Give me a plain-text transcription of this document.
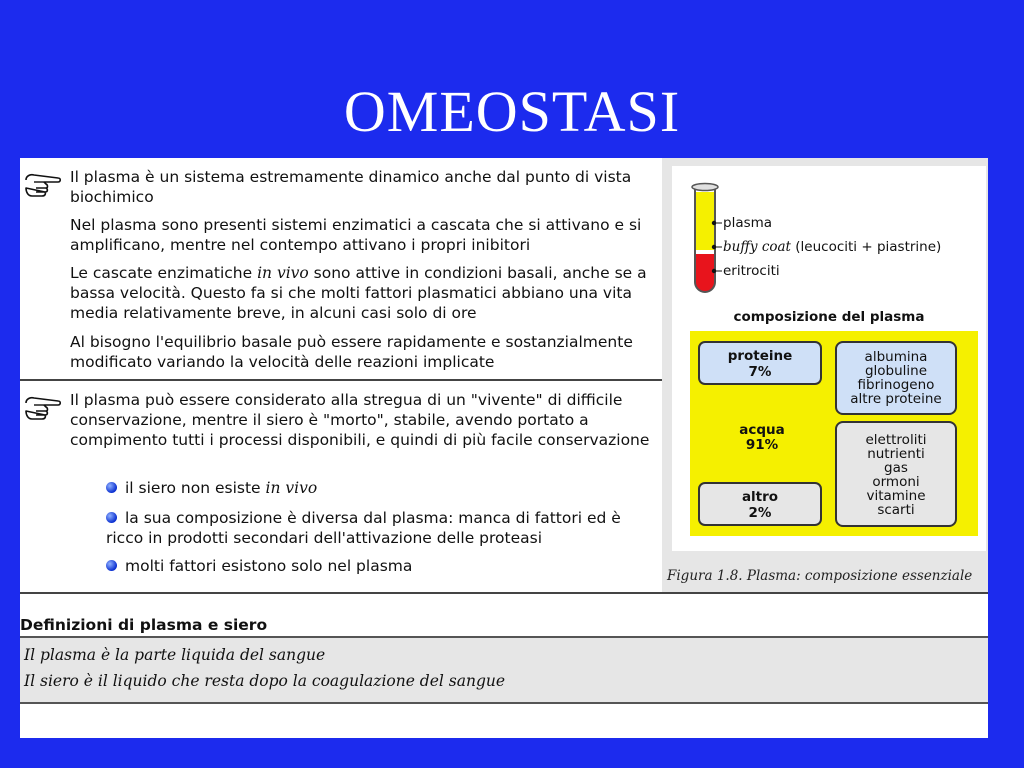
OMEOSTASI
Il plasma è un sistema estremamente dinamico anche dal punto di vista biochimico
Nel plasma sono presenti sistemi enzimatici a cascata che si attivano e si amplificano, mentre nel contempo attivano i propri inibitori
Le cascate enzimatiche in vivo sono attive in condizioni basali, anche se a bassa velocità. Questo fa si che molti fattori plasmatici abbiano una vita media relativamente breve, in alcuni casi solo di ore
Al bisogno l'equilibrio basale può essere rapidamente e sostanzialmente modificato variando la velocità delle reazioni implicate
Il plasma può essere considerato alla stregua di un "vivente" di difficile conservazione, mentre il siero è "morto", stabile, avendo portato a compimento tutti i processi disponibili, e quindi di più facile conservazione
il siero non esiste in vivo
la sua composizione è diversa dal plasma: manca di fattori ed è ricco in prodotti secondari dell'attivazione delle proteasi
molti fattori esistono solo nel plasma
plasma
buffy coat (leucociti + piastrine)
eritrociti
composizione del plasma
proteine
7%
acqua
91%
altro
2%
albumina
globuline
fibrinogeno
altre proteine
elettroliti
nutrienti
gas
ormoni
vitamine
scarti
Figura 1.8. Plasma: composizione essenziale
Definizioni di plasma e siero
Il plasma è la parte liquida del sangue
Il siero è il liquido che resta dopo la coagulazione del sangue
